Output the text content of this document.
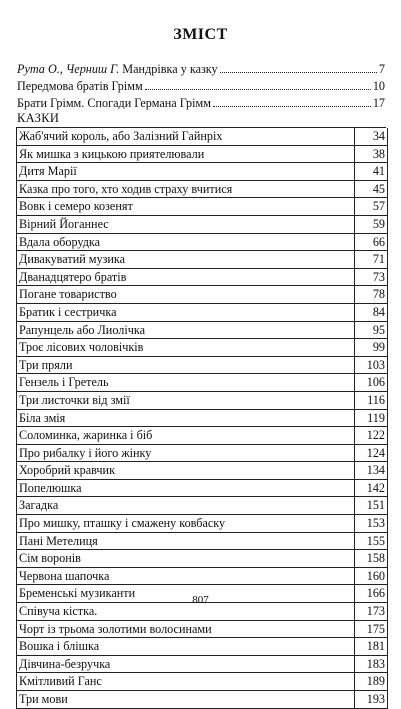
ЗМІСТ
Рута О., Черниш Г. Мандрівка у казку	7
Передмова братів Грімм	10
Брати Грімм. Спогади Германа Грімм	17
КАЗКИ
Жаб'ячий король, або Залізний Гайнріх	34
Як мишка з кицькою приятелювали	38
Дитя Марії	41
Казка про того, хто ходив страху вчитися	45
Вовк і семеро козенят	57
Вірний Йоганнес	59
Вдала оборудка	66
Дивакуватий музика	71
Дванадцятеро братів	73
Погане товариство	78
Братик і сестричка	84
Рапунцель або Лиолічка	95
Троє лісових чоловічків	99
Три пряли	103
Гензель і Гретель	106
Три листочки від змії	116
Біла змія	119
Соломинка, жаринка і біб	122
Про рибалку і його жінку	124
Хоробрий кравчик	134
Попелюшка	142
Загадка	151
Про мишку, пташку і смажену ковбаску	153
Пані Метелиця	155
Сім воронів	158
Червона шапочка	160
Бременські музиканти	166
Співуча кістка.	173
Чорт із трьома золотими волосинами	175
Вошка і блішка	181
Дівчина-безручка	183
Кмітливий Ганс	189
Три мови	193
807
